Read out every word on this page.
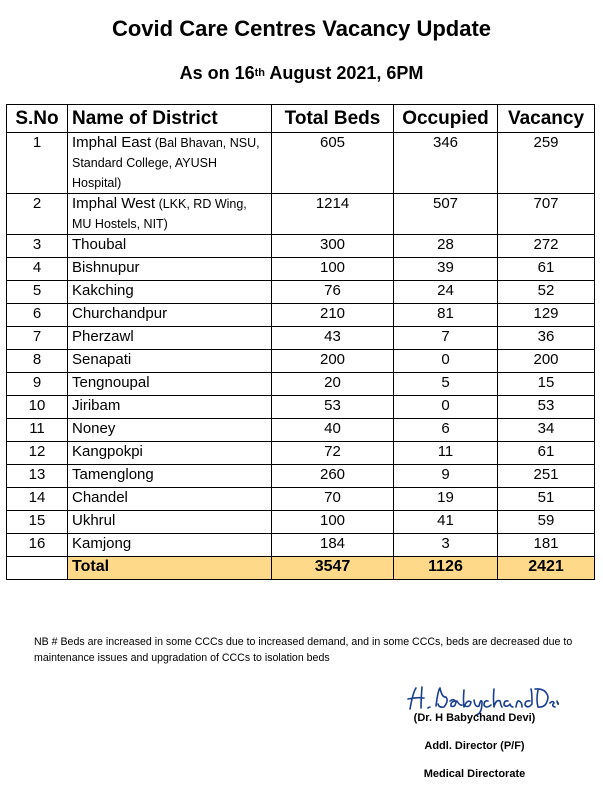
Covid Care Centres Vacancy Update
As on 16th August 2021, 6PM
S.No	Name of District	Total Beds	Occupied	Vacancy
1	Imphal East (Bal Bhavan, NSU, Standard College, AYUSH Hospital)	605	346	259
2	Imphal West (LKK, RD Wing, MU Hostels, NIT)	1214	507	707
3	Thoubal	300	28	272
4	Bishnupur	100	39	61
5	Kakching	76	24	52
6	Churchandpur	210	81	129
7	Pherzawl	43	7	36
8	Senapati	200	0	200
9	Tengnoupal	20	5	15
10	Jiribam	53	0	53
11	Noney	40	6	34
12	Kangpokpi	72	11	61
13	Tamenglong	260	9	251
14	Chandel	70	19	51
15	Ukhrul	100	41	59
16	Kamjong	184	3	181
	Total	3547	1126	2421
NB # Beds are increased in some CCCs due to increased demand, and in some CCCs, beds are decreased due to maintenance issues and upgradation of CCCs to isolation beds
(Dr. H Babychand Devi)
Addl. Director (P/F)
Medical Directorate
